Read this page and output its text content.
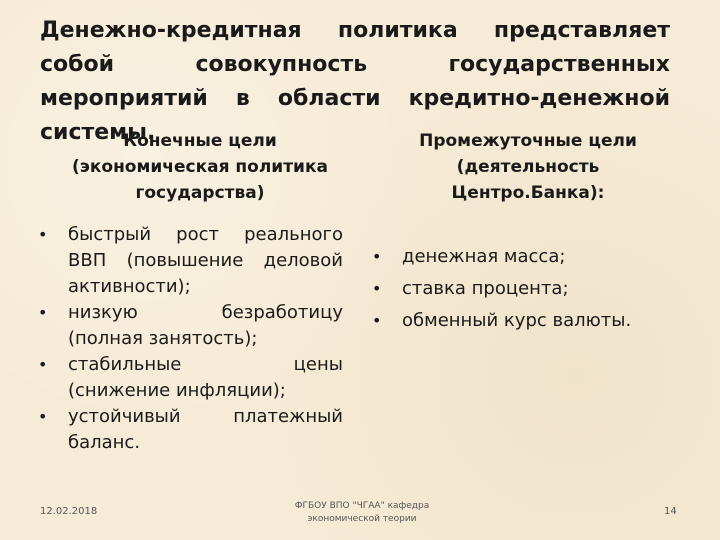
Денежно-кредитная политика представляет собой совокупность государственных мероприятий в области кредитно-денежной системы.
Конечные цели
(экономическая политика
государства)
Промежуточные цели
(деятельность
Центро.Банка):
• быстрый рост реального ВВП (повышение деловой активности);
• низкую безработицу (полная занятость);
• стабильные цены (снижение инфляции);
• устойчивый платежный баланс.
• денежная масса;
• ставка процента;
• обменный курс валюты.
12.02.2018	ФГБОУ ВПО "ЧГАА" кафедра экономической теории
14
